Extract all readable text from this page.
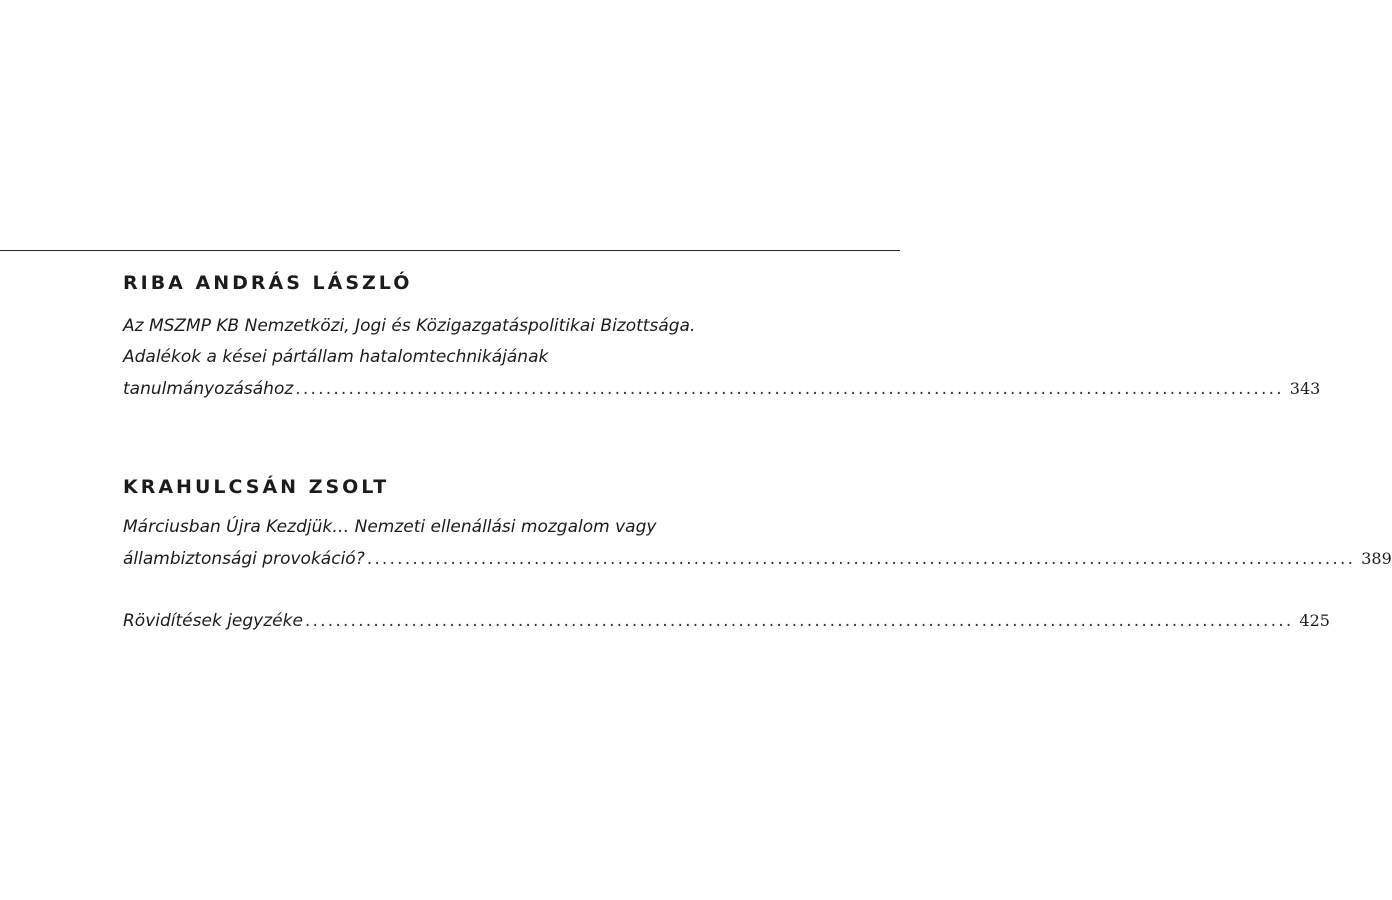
RIBA ANDRÁS LÁSZLÓ
Az MSZMP KB Nemzetközi, Jogi és Közigazgatáspolitikai Bizottsága.
Adalékok a kései pártállam hatalomtechnikájának
tanulmányozásához .................................................................................................................................. 343
KRAHULCSÁN ZSOLT
Márciusban Újra Kezdjük… Nemzeti ellenállási mozgalom vagy
állambiztonsági provokáció? .................................................................................................................................. 389
Rövidítések jegyzéke .................................................................................................................................. 425
